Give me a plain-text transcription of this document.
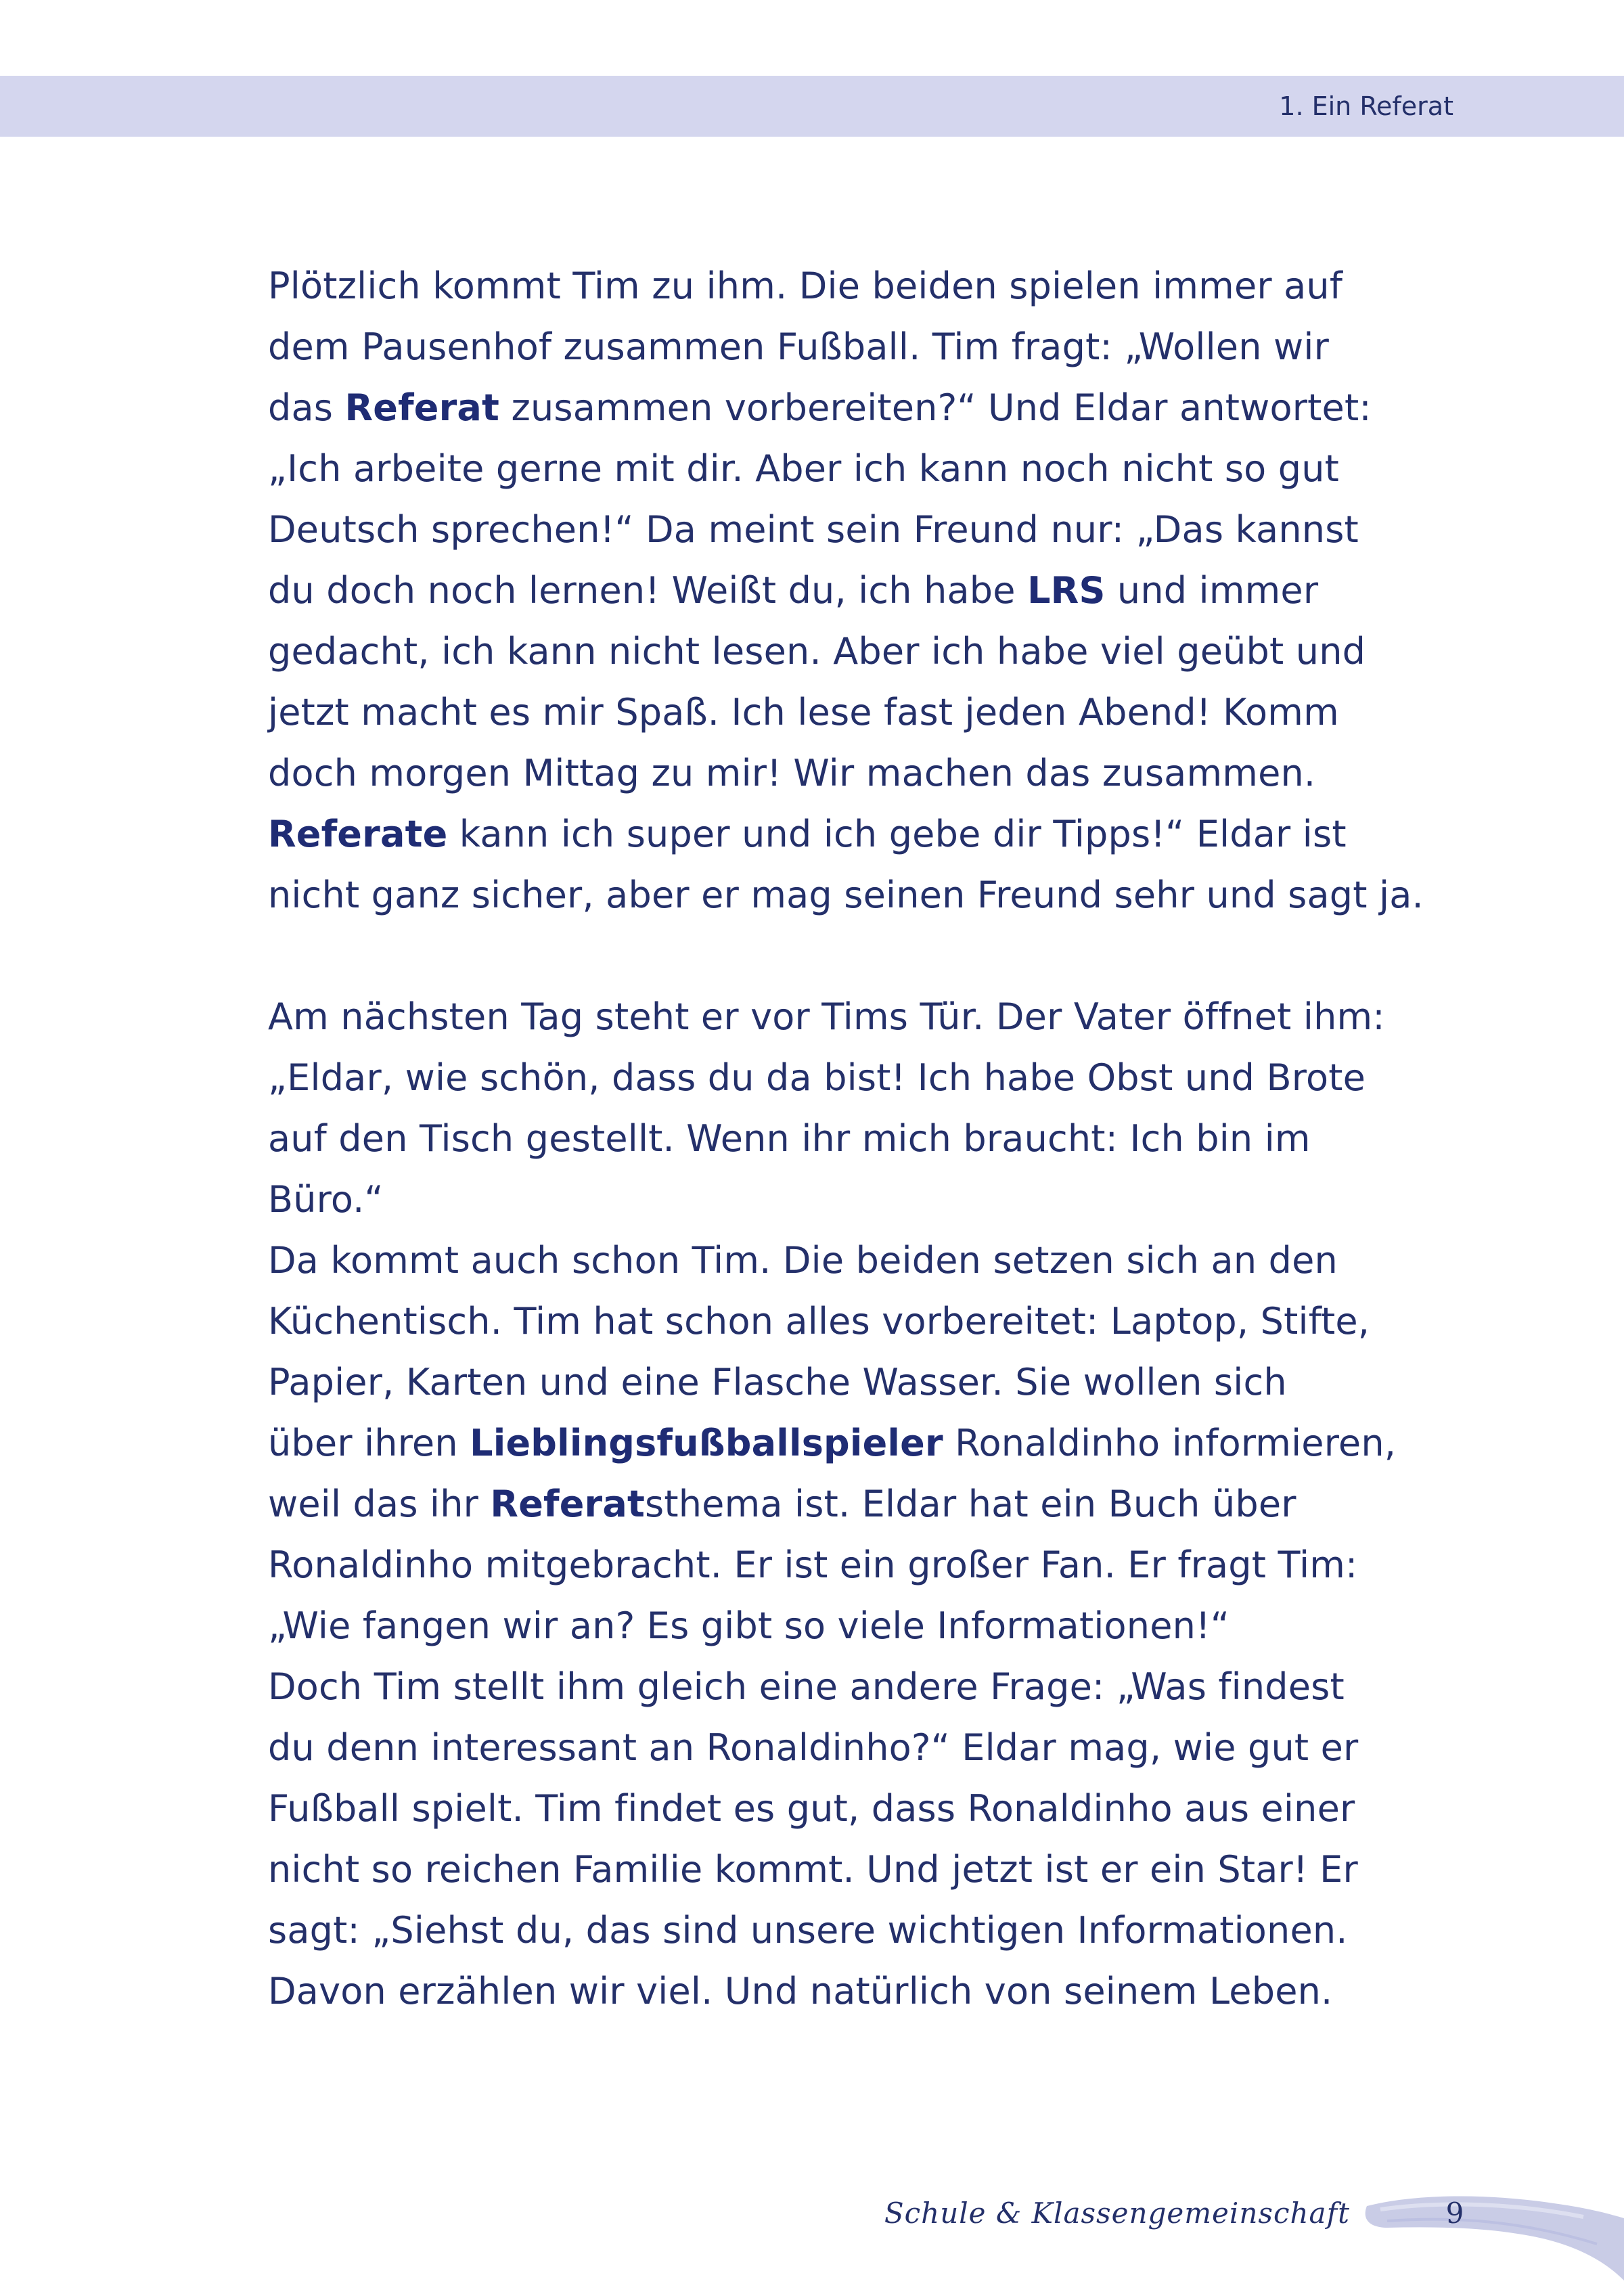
1. Ein Referat

Plötzlich kommt Tim zu ihm. Die beiden spielen immer auf

dem Pausenhof zusammen Fußball. Tim fragt: „Wollen wir

das Referat zusammen vorbereiten?“ Und Eldar antwortet:

„Ich arbeite gerne mit dir. Aber ich kann noch nicht so gut

Deutsch sprechen!“ Da meint sein Freund nur: „Das kannst

du doch noch lernen! Weißt du, ich habe LRS und immer

gedacht, ich kann nicht lesen. Aber ich habe viel geübt und

jetzt macht es mir Spaß. Ich lese fast jeden Abend! Komm

doch morgen Mittag zu mir! Wir machen das zusammen.

Referate kann ich super und ich gebe dir Tipps!“ Eldar ist

nicht ganz sicher, aber er mag seinen Freund sehr und sagt ja.

Am nächsten Tag steht er vor Tims Tür. Der Vater öffnet ihm:

„Eldar, wie schön, dass du da bist! Ich habe Obst und Brote

auf den Tisch gestellt. Wenn ihr mich braucht: Ich bin im

Büro.“

Da kommt auch schon Tim. Die beiden setzen sich an den

Küchentisch. Tim hat schon alles vorbereitet: Laptop, Stifte,

Papier, Karten und eine Flasche Wasser. Sie wollen sich

über ihren Lieblingsfußballspieler Ronaldinho informieren,

weil das ihr Referatsthema ist. Eldar hat ein Buch über

Ronaldinho mitgebracht. Er ist ein großer Fan. Er fragt Tim:

„Wie fangen wir an? Es gibt so viele Informationen!“

Doch Tim stellt ihm gleich eine andere Frage: „Was findest

du denn interessant an Ronaldinho?“ Eldar mag, wie gut er

Fußball spielt. Tim findet es gut, dass Ronaldinho aus einer

nicht so reichen Familie kommt. Und jetzt ist er ein Star! Er

sagt: „Siehst du, das sind unsere wichtigen Informationen.

Davon erzählen wir viel. Und natürlich von seinem Leben.

Schule & Klassengemeinschaft	9
